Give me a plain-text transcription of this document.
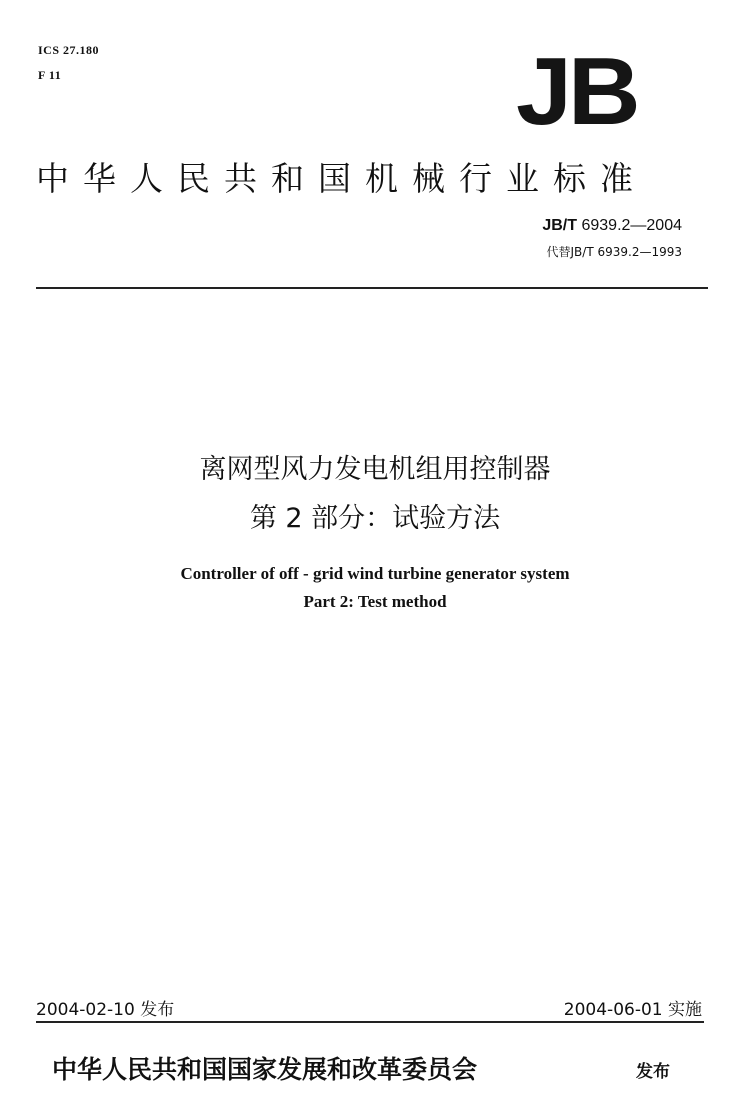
ICS 27.180
F 11	JB
中华人民共和国机械行业标准
JB/T 6939.2—2004
代替JB/T 6939.2—1993
离网型风力发电机组用控制器
第 2 部分：试验方法
Controller of off - grid wind turbine generator system
Part 2: Test method
2004-02-10 发布	2004-06-01 实施
中华人民共和国国家发展和改革委员会	发布
